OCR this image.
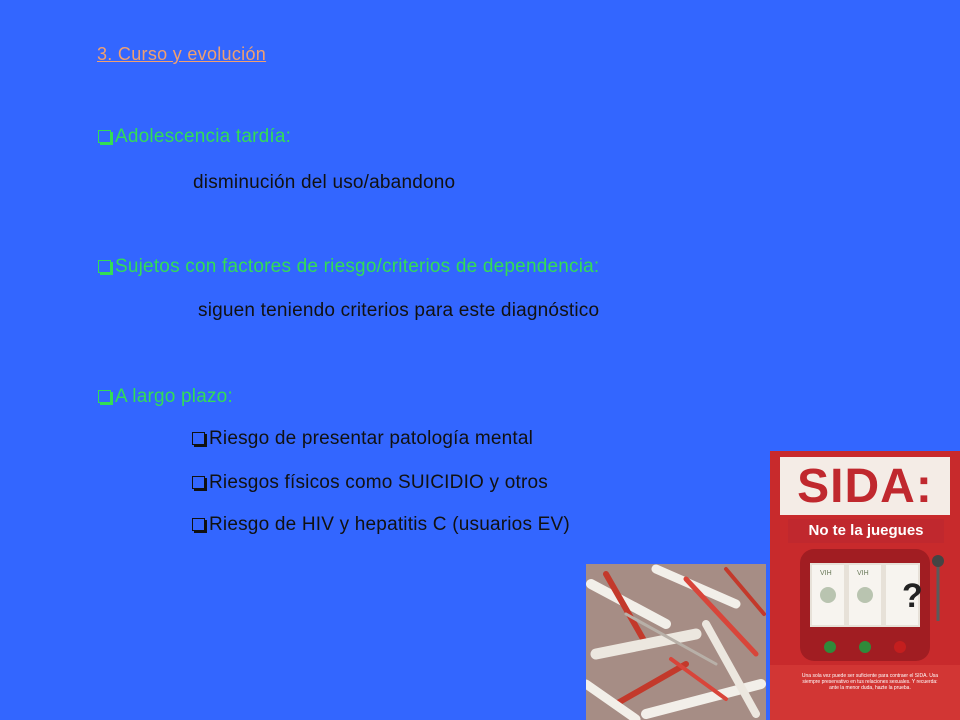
3. Curso y evolución
Adolescencia tardía:
disminución del uso/abandono
Sujetos con factores de riesgo/criterios de dependencia:
siguen teniendo criterios para este diagnóstico
A largo plazo:
Riesgo de presentar patología mental
Riesgos físicos como SUICIDIO y otros
Riesgo de HIV y hepatitis C (usuarios EV)
?
VIH	VIH
SIDA:
No te la juegues
Una sola vez puede ser suficiente para contraer el SIDA. Usa siempre preservativo en tus relaciones sexuales. Y recuerda: ante la menor duda, hazte la prueba.
